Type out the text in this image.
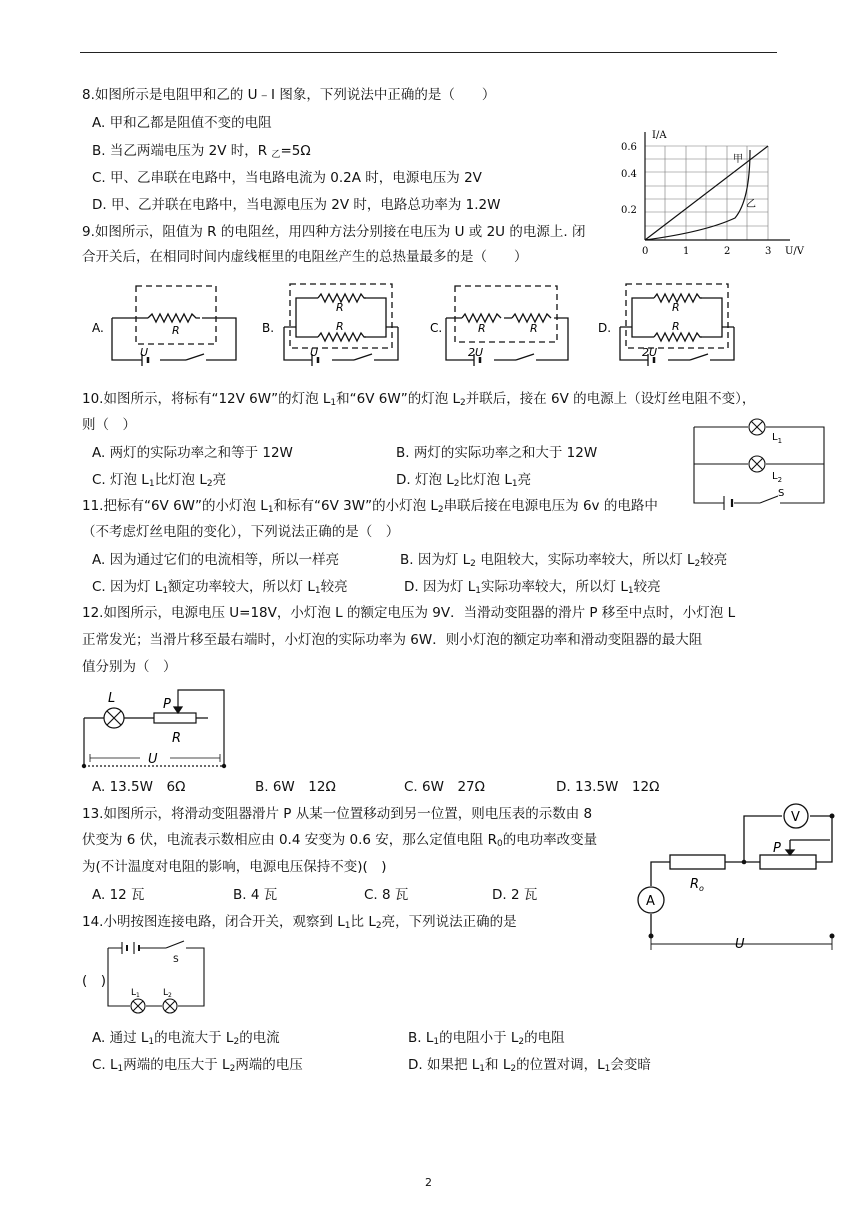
8.如图所示是电阻甲和乙的 U﹣I 图象，下列说法中正确的是（　　）
A. 甲和乙都是阻值不变的电阻
B. 当乙两端电压为 2V 时，R $_乙$=5Ω
C. 甲、乙串联在电路中，当电路电流为 0.2A 时，电源电压为 2V
D. 甲、乙并联在电路中，当电源电压为 2V 时，电路总功率为 1.2W
I/A
U/V
0.6
0.4
0.2
0	1	2	3
甲
乙
9.如图所示，阻值为 R 的电阻丝，用四种方法分别接在电压为 U 或 2U 的电源上. 闭
合开关后，在相同时间内虚线框里的电阻丝产生的总热量最多的是（　　）
A.	B.	C.	D.
R
U
R
R
U
R	R
2U
R
R
2U
10.如图所示，将标有“12V 6W”的灯泡 $L_1$和“6V 6W”的灯泡 $L_2$并联后，接在 6V 的电源上（设灯丝电阻不变），
则（　）
A. 两灯的实际功率之和等于 12W	B. 两灯的实际功率之和大于 12W
C. 灯泡 $L_1$比灯泡 $L_2$亮	D. 灯泡 $L_2$比灯泡 $L_1$亮
$L_1$
$L_2$
S
11.把标有“6V 6W”的小灯泡 $L_1$和标有“6V 3W”的小灯泡 $L_2$串联后接在电源电压为 6v 的电路中
（不考虑灯丝电阻的变化），下列说法正确的是（　）
A. 因为通过它们的电流相等，所以一样亮	B. 因为灯 $L_2$ 电阻较大，实际功率较大，所以灯 $L_2$较亮
C. 因为灯 $L_1$额定功率较大，所以灯 $L_1$较亮	D. 因为灯 $L_1$实际功率较大，所以灯 $L_1$较亮
12.如图所示，电源电压 U=18V，小灯泡 L 的额定电压为 9V．当滑动变阻器的滑片 P 移至中点时，小灯泡 L
正常发光；当滑片移至最右端时，小灯泡的实际功率为 6W．则小灯泡的额定功率和滑动变阻器的最大阻
值分别为（　）
L	P
R
U
A. 13.5W　6Ω	B. 6W　12Ω	C. 6W　27Ω	D. 13.5W　12Ω
13.如图所示，将滑动变阻器滑片 P 从某一位置移动到另一位置，则电压表的示数由 8
伏变为 6 伏，电流表示数相应由 0.4 安变为 0.6 安，那么定值电阻 $R_0$的电功率改变量
为(不计温度对电阻的影响，电源电压保持不变)(　)
A. 12 瓦	B. 4 瓦	C. 8 瓦	D. 2 瓦
V
A
P
$R_o$
U
14.小明按图连接电路，闭合开关，观察到 $L_1$比 $L_2$亮，下列说法正确的是
S
$L_1$	$L_2$
(　)
A. 通过 $L_1$的电流大于 $L_2$的电流	B. $L_1$的电阻小于 $L_2$的电阻
C. $L_1$两端的电压大于 $L_2$两端的电压	D. 如果把 $L_1$和 $L_2$的位置对调，$L_1$会变暗
2
